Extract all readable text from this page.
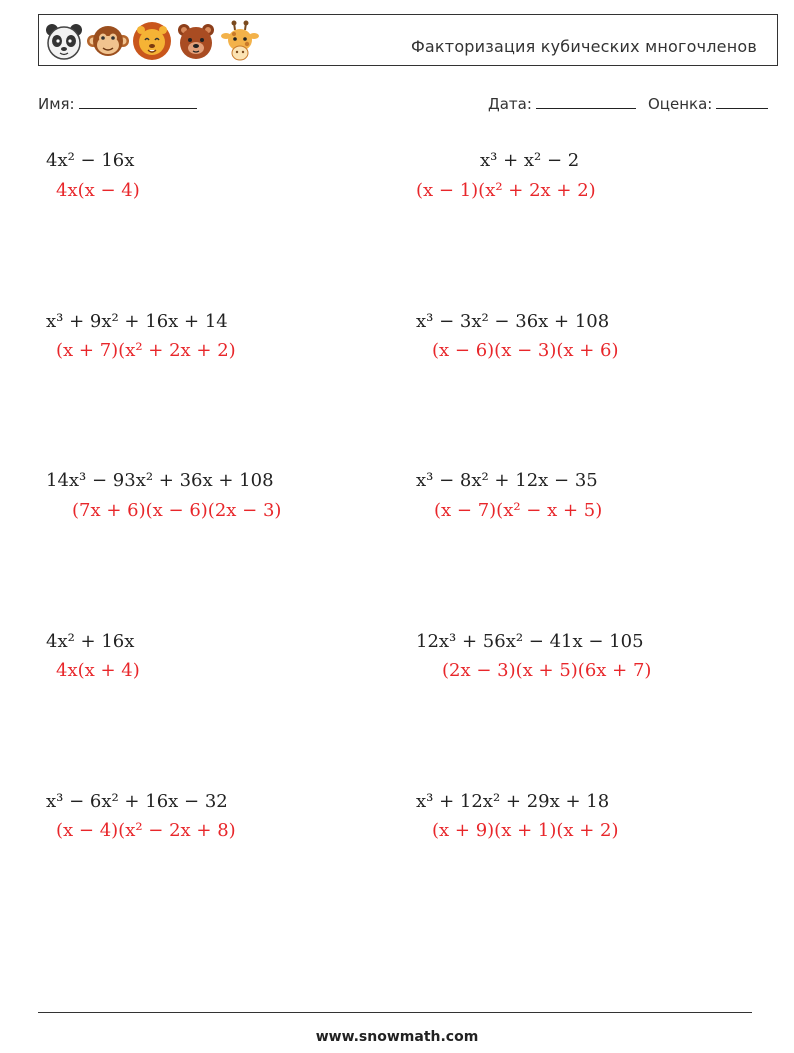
Факторизация кубических многочленов
Имя:	Дата:	Оценка:
4x² − 16x
4x(x − 4)
x³ + x² − 2
(x − 1)(x² + 2x + 2)
x³ + 9x² + 16x + 14
(x + 7)(x² + 2x + 2)
x³ − 3x² − 36x + 108
(x − 6)(x − 3)(x + 6)
14x³ − 93x² + 36x + 108
(7x + 6)(x − 6)(2x − 3)
x³ − 8x² + 12x − 35
(x − 7)(x² − x + 5)
4x² + 16x
4x(x + 4)
12x³ + 56x² − 41x − 105
(2x − 3)(x + 5)(6x + 7)
x³ − 6x² + 16x − 32
(x − 4)(x² − 2x + 8)
x³ + 12x² + 29x + 18
(x + 9)(x + 1)(x + 2)
www.snowmath.com
